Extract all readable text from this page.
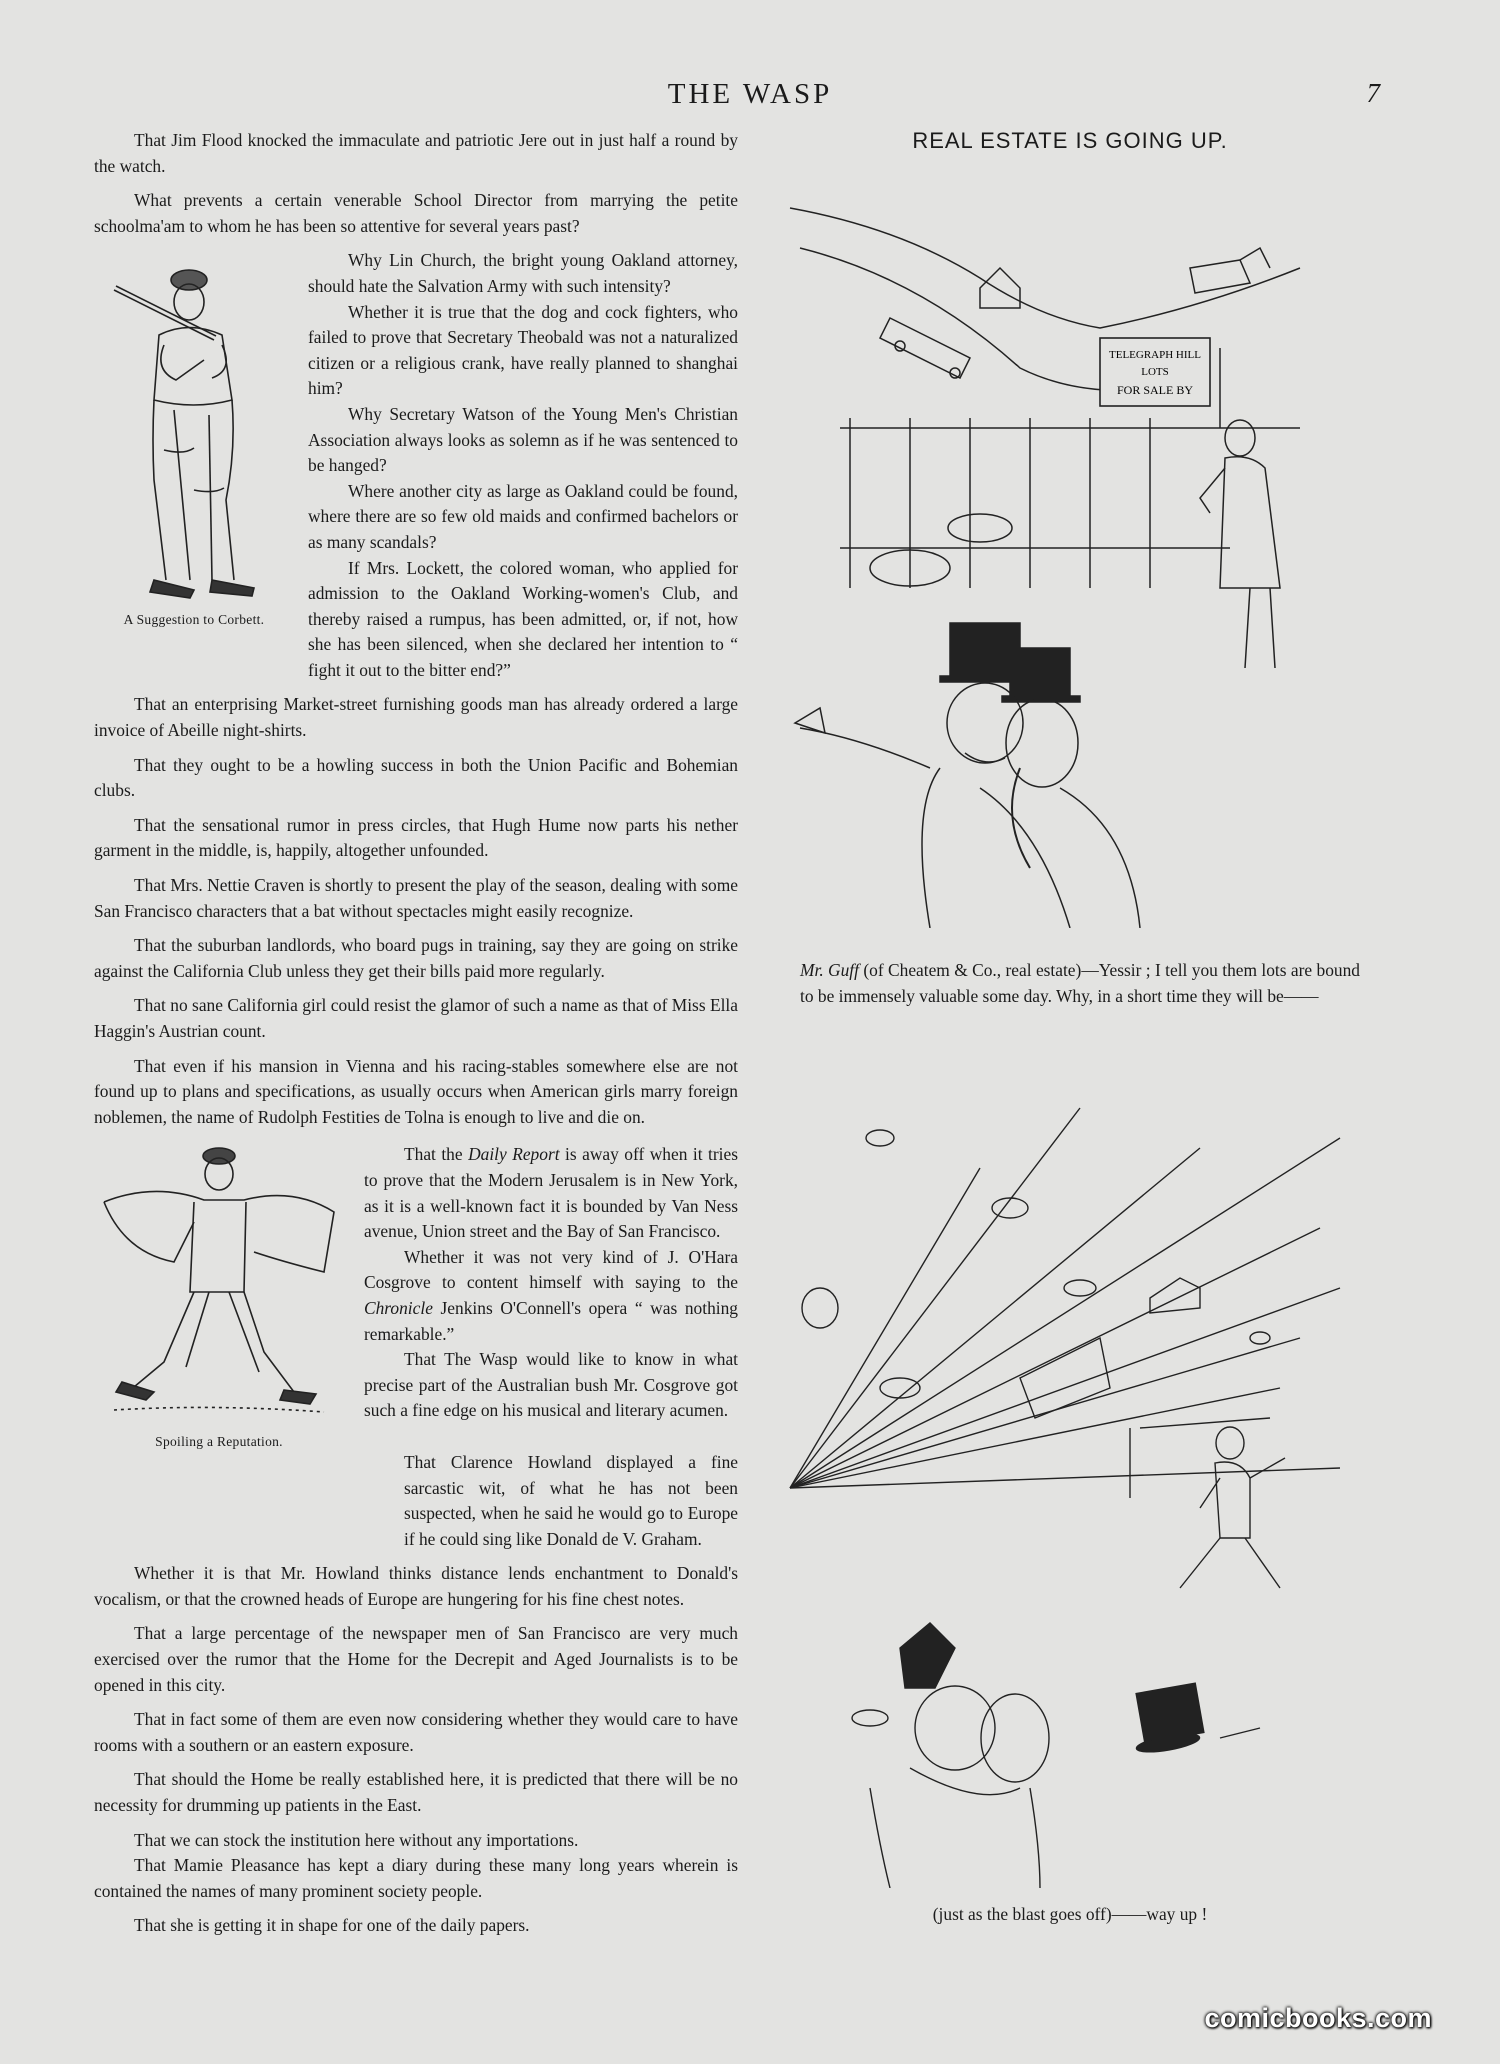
THE WASP	7

That Jim Flood knocked the immaculate and patriotic Jere out in just half a round by the watch.

What prevents a certain venerable School Director from marrying the petite schoolma'am to whom he has been so attentive for several years past?

A Suggestion to Corbett.

Why Lin Church, the bright young Oakland attorney, should hate the Salvation Army with such intensity?

Whether it is true that the dog and cock fighters, who failed to prove that Secretary Theobald was not a naturalized citizen or a religious crank, have really planned to shanghai him?

Why Secretary Watson of the Young Men's Christian Association always looks as solemn as if he was sentenced to be hanged?

Where another city as large as Oakland could be found, where there are so few old maids and confirmed bachelors or as many scandals?

If Mrs. Lockett, the colored woman, who applied for admission to the Oakland Working-women's Club, and thereby raised a rumpus, has been admitted, or, if not, how she has been silenced, when she declared her intention to “ fight it out to the bitter end?”

That an enterprising Market-street furnishing goods man has already ordered a large invoice of Abeille night-shirts.

That they ought to be a howling success in both the Union Pacific and Bohemian clubs.

That the sensational rumor in press circles, that Hugh Hume now parts his nether garment in the middle, is, happily, altogether unfounded.

That Mrs. Nettie Craven is shortly to present the play of the season, dealing with some San Francisco characters that a bat without spectacles might easily recognize.

That the suburban landlords, who board pugs in training, say they are going on strike against the California Club unless they get their bills paid more regularly.

That no sane California girl could resist the glamor of such a name as that of Miss Ella Haggin's Austrian count.

That even if his mansion in Vienna and his racing-stables somewhere else are not found up to plans and specifications, as usually occurs when American girls marry foreign noblemen, the name of Rudolph Festities de Tolna is enough to live and die on.

Spoiling a Reputation.

That the Daily Report is away off when it tries to prove that the Modern Jerusalem is in New York, as it is a well-known fact it is bounded by Van Ness avenue, Union street and the Bay of San Francisco.

Whether it was not very kind of J. O'Hara Cosgrove to content himself with saying to the Chronicle Jenkins O'Connell's opera “ was nothing remarkable.”

That The Wasp would like to know in what precise part of the Australian bush Mr. Cosgrove got such a fine edge on his musical and literary acumen.

That Clarence Howland displayed a fine sarcastic wit, of what he has not been suspected, when he said he would go to Europe if he could sing like Donald de V. Graham.

Whether it is that Mr. Howland thinks distance lends enchantment to Donald's vocalism, or that the crowned heads of Europe are hungering for his fine chest notes.

That a large percentage of the newspaper men of San Francisco are very much exercised over the rumor that the Home for the Decrepit and Aged Journalists is to be opened in this city.

That in fact some of them are even now considering whether they would care to have rooms with a southern or an eastern exposure.

That should the Home be really established here, it is predicted that there will be no necessity for drumming up patients in the East.

That we can stock the institution here without any importations.

That Mamie Pleasance has kept a diary during these many long years wherein is contained the names of many prominent society people.

That she is getting it in shape for one of the daily papers.

REAL ESTATE IS GOING UP.
TELEGRAPH HILL
LOTS
FOR SALE BY
Mr. Guff (of Cheatem & Co., real estate)—Yessir ; I tell you them lots are bound to be immensely valuable some day. Why, in a short time they will be——
(just as the blast goes off)——way up !
comicbooks.com
